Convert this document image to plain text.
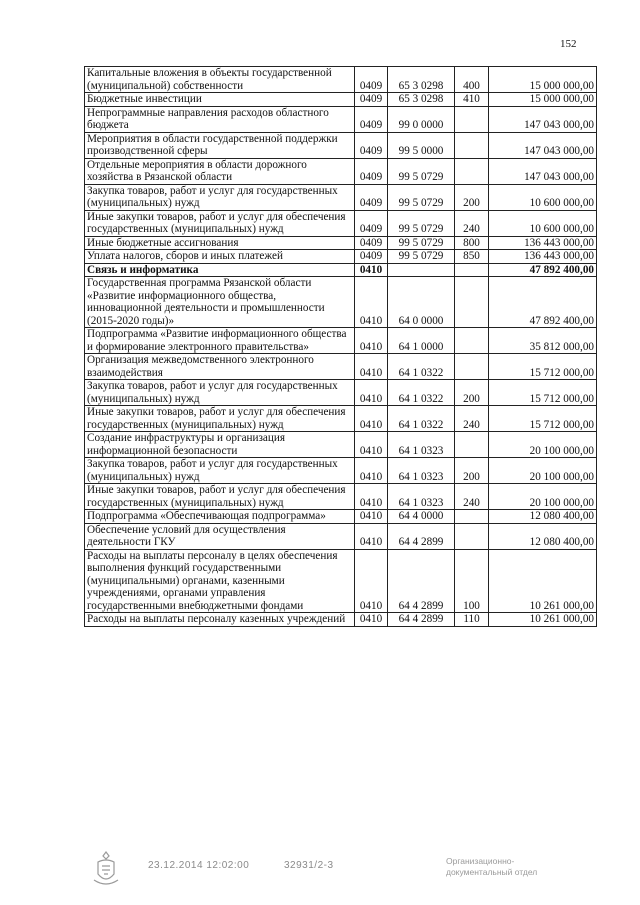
152
Капитальные вложения в объекты государственной (муниципальной) собственности	0409	65 3 0298	400	15 000 000,00
Бюджетные инвестиции	0409	65 3 0298	410	15 000 000,00
Непрограммные направления расходов областного бюджета	0409	99 0 0000		147 043 000,00
Мероприятия в области государственной поддержки производственной сферы	0409	99 5 0000		147 043 000,00
Отдельные мероприятия в области дорожного хозяйства в Рязанской области	0409	99 5 0729		147 043 000,00
Закупка товаров, работ и услуг для государственных (муниципальных) нужд	0409	99 5 0729	200	10 600 000,00
Иные закупки товаров, работ и услуг для обеспечения государственных (муниципальных) нужд	0409	99 5 0729	240	10 600 000,00
Иные бюджетные ассигнования	0409	99 5 0729	800	136 443 000,00
Уплата налогов, сборов и иных платежей	0409	99 5 0729	850	136 443 000,00
Связь и информатика	0410			47 892 400,00
Государственная программа Рязанской области «Развитие информационного общества, инновационной деятельности и промышленности (2015-2020 годы)»	0410	64 0 0000		47 892 400,00
Подпрограмма «Развитие информационного общества и формирование электронного правительства»	0410	64 1 0000		35 812 000,00
Организация межведомственного электронного взаимодействия	0410	64 1 0322		15 712 000,00
Закупка товаров, работ и услуг для государственных (муниципальных) нужд	0410	64 1 0322	200	15 712 000,00
Иные закупки товаров, работ и услуг для обеспечения государственных (муниципальных) нужд	0410	64 1 0322	240	15 712 000,00
Создание инфраструктуры и организация информационной безопасности	0410	64 1 0323		20 100 000,00
Закупка товаров, работ и услуг для государственных (муниципальных) нужд	0410	64 1 0323	200	20 100 000,00
Иные закупки товаров, работ и услуг для обеспечения государственных (муниципальных) нужд	0410	64 1 0323	240	20 100 000,00
Подпрограмма «Обеспечивающая подпрограмма»	0410	64 4 0000		12 080 400,00
Обеспечение условий для осуществления деятельности ГКУ	0410	64 4 2899		12 080 400,00
Расходы на выплаты персоналу в целях обеспечения выполнения функций государственными (муниципальными) органами, казенными учреждениями, органами управления государственными внебюджетными фондами	0410	64 4 2899	100	10 261 000,00
Расходы на выплаты персоналу казенных учреждений	0410	64 4 2899	110	10 261 000,00
23.12.2014 12:02:00	32931/2-3	Организационно-
документальный отдел
